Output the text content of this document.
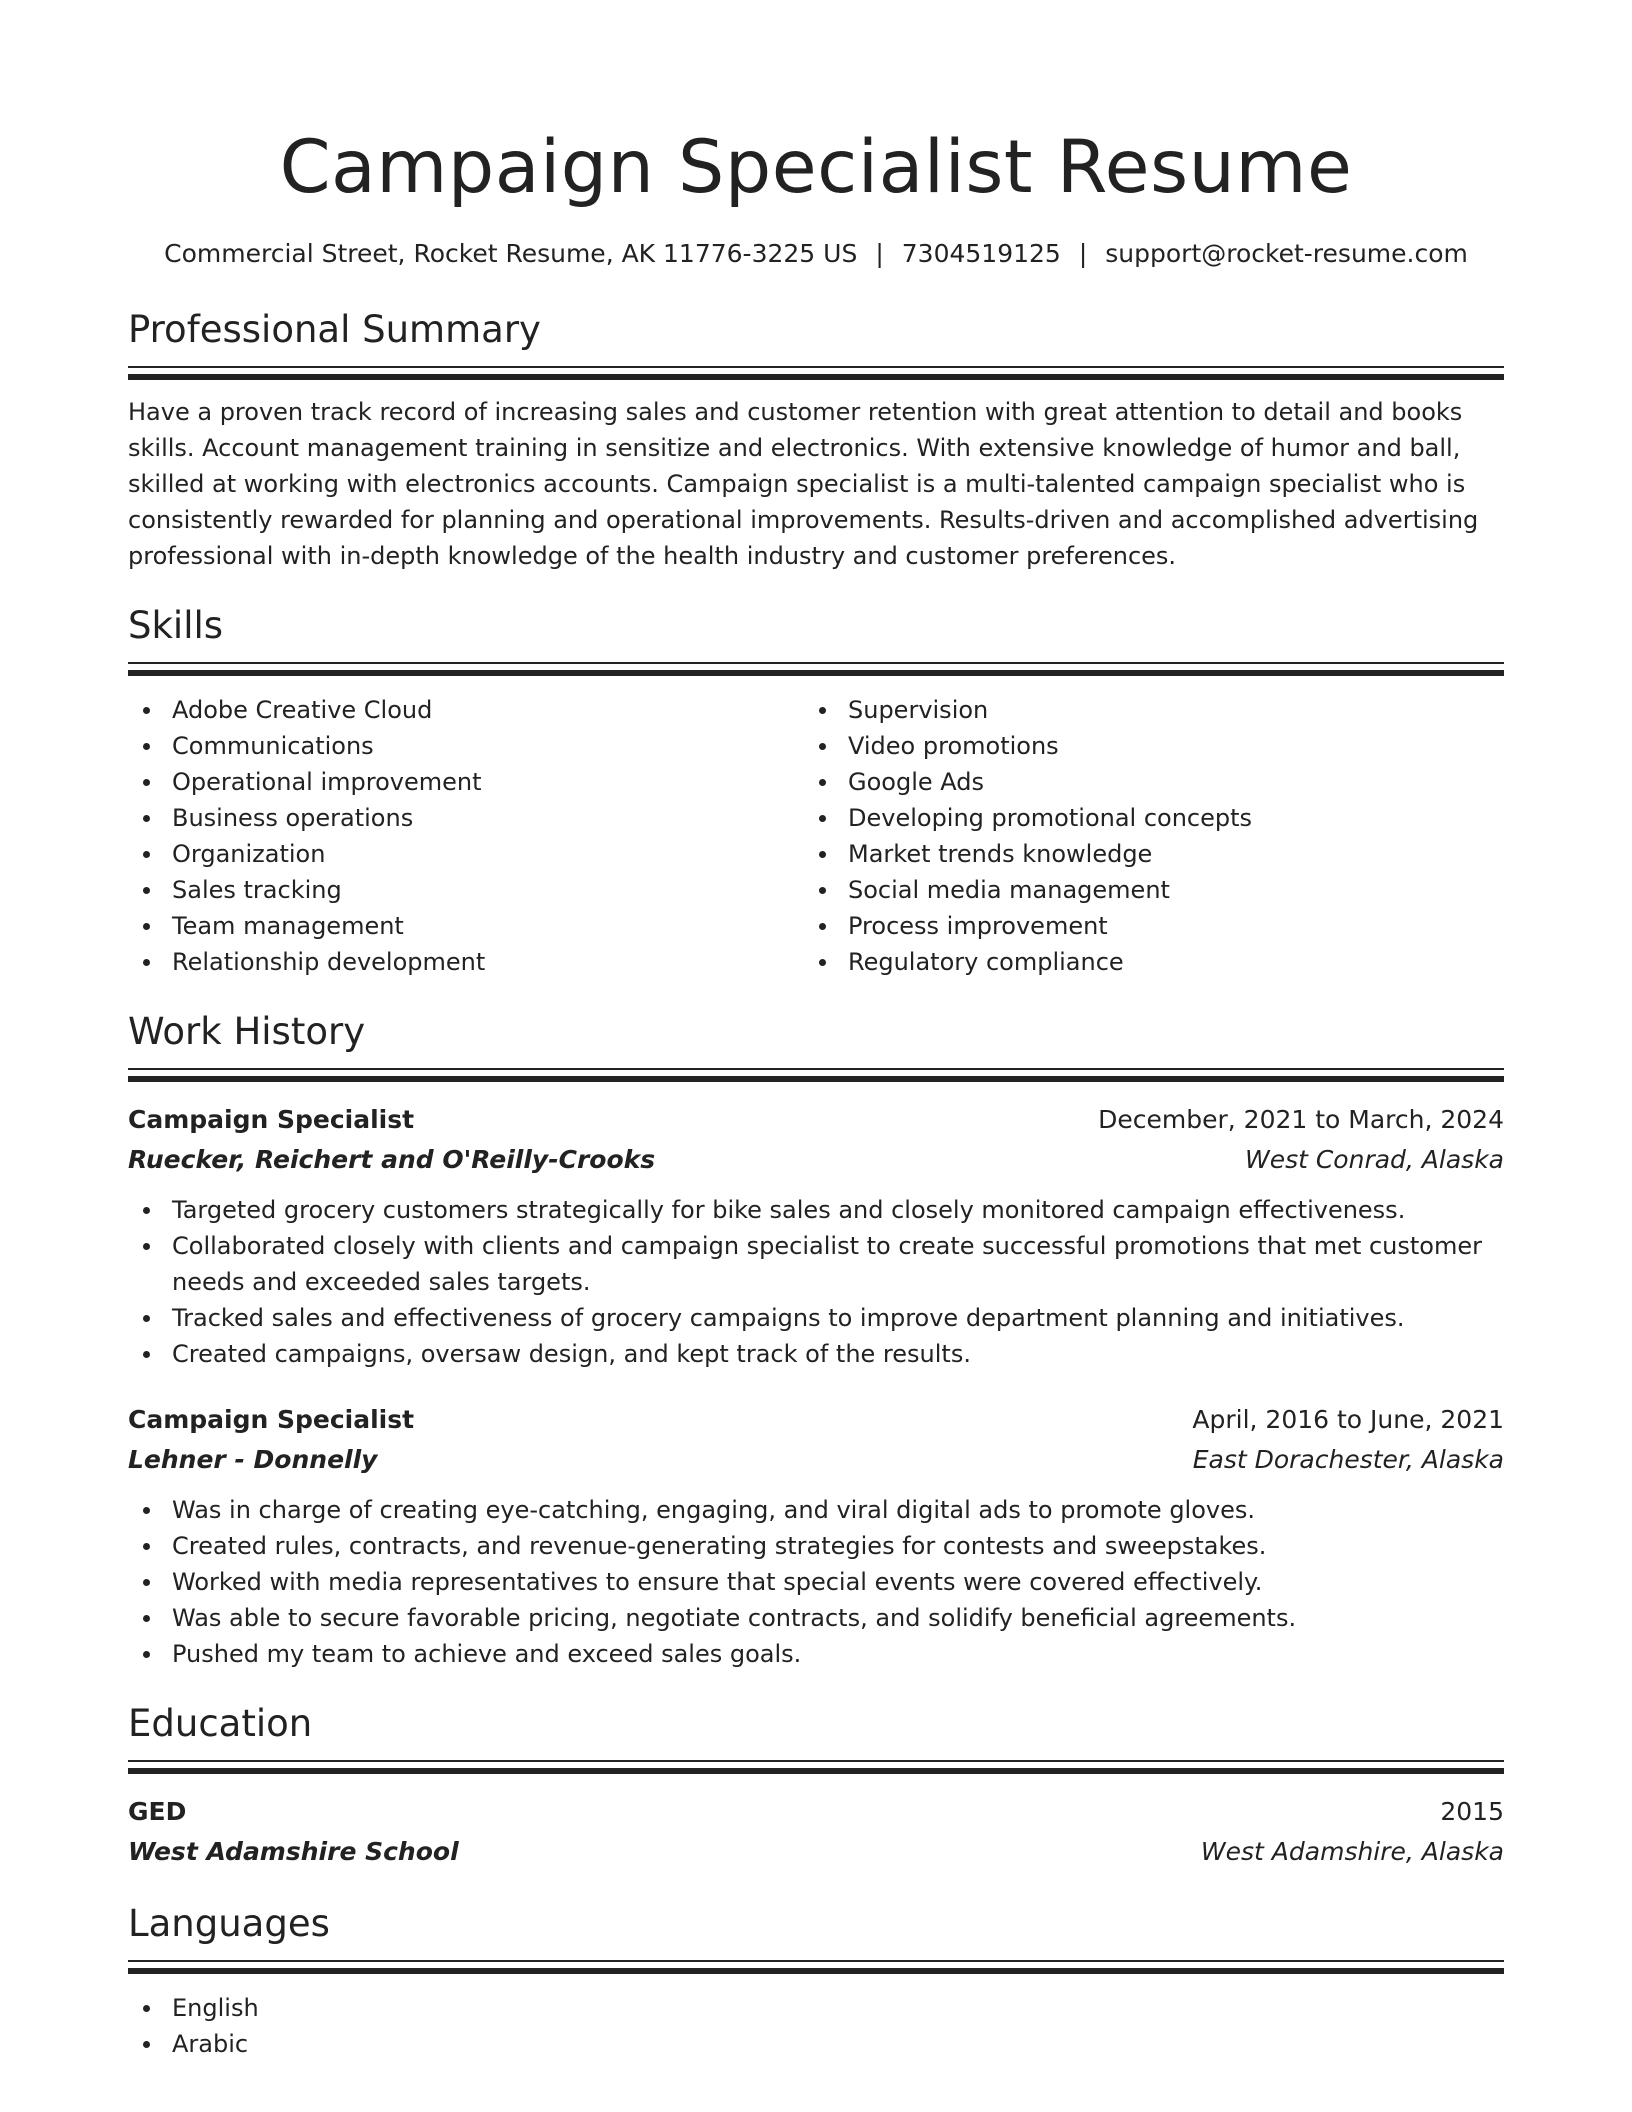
Campaign Specialist Resume
Commercial Street, Rocket Resume, AK 11776-3225 US | 7304519125 | support@rocket-resume.com
Professional Summary

Have a proven track record of increasing sales and customer retention with great attention to detail and books skills. Account management training in sensitize and electronics. With extensive knowledge of humor and ball, skilled at working with electronics accounts. Campaign specialist is a multi-talented campaign specialist who is consistently rewarded for planning and operational improvements. Results-driven and accomplished advertising professional with in-depth knowledge of the health industry and customer preferences.

Skills
Adobe Creative Cloud
Communications
Operational improvement
Business operations
Organization
Sales tracking
Team management
Relationship development
Supervision
Video promotions
Google Ads
Developing promotional concepts
Market trends knowledge
Social media management
Process improvement
Regulatory compliance
Work History
Campaign Specialist	December, 2021 to March, 2024
Ruecker, Reichert and O'Reilly-Crooks	West Conrad, Alaska
Targeted grocery customers strategically for bike sales and closely monitored campaign effectiveness.
Collaborated closely with clients and campaign specialist to create successful promotions that met customer needs and exceeded sales targets.
Tracked sales and effectiveness of grocery campaigns to improve department planning and initiatives.
Created campaigns, oversaw design, and kept track of the results.
Campaign Specialist	April, 2016 to June, 2021
Lehner - Donnelly	East Dorachester, Alaska
Was in charge of creating eye-catching, engaging, and viral digital ads to promote gloves.
Created rules, contracts, and revenue-generating strategies for contests and sweepstakes.
Worked with media representatives to ensure that special events were covered effectively.
Was able to secure favorable pricing, negotiate contracts, and solidify beneficial agreements.
Pushed my team to achieve and exceed sales goals.
Education
GED	2015
West Adamshire School	West Adamshire, Alaska
Languages
English
Arabic
